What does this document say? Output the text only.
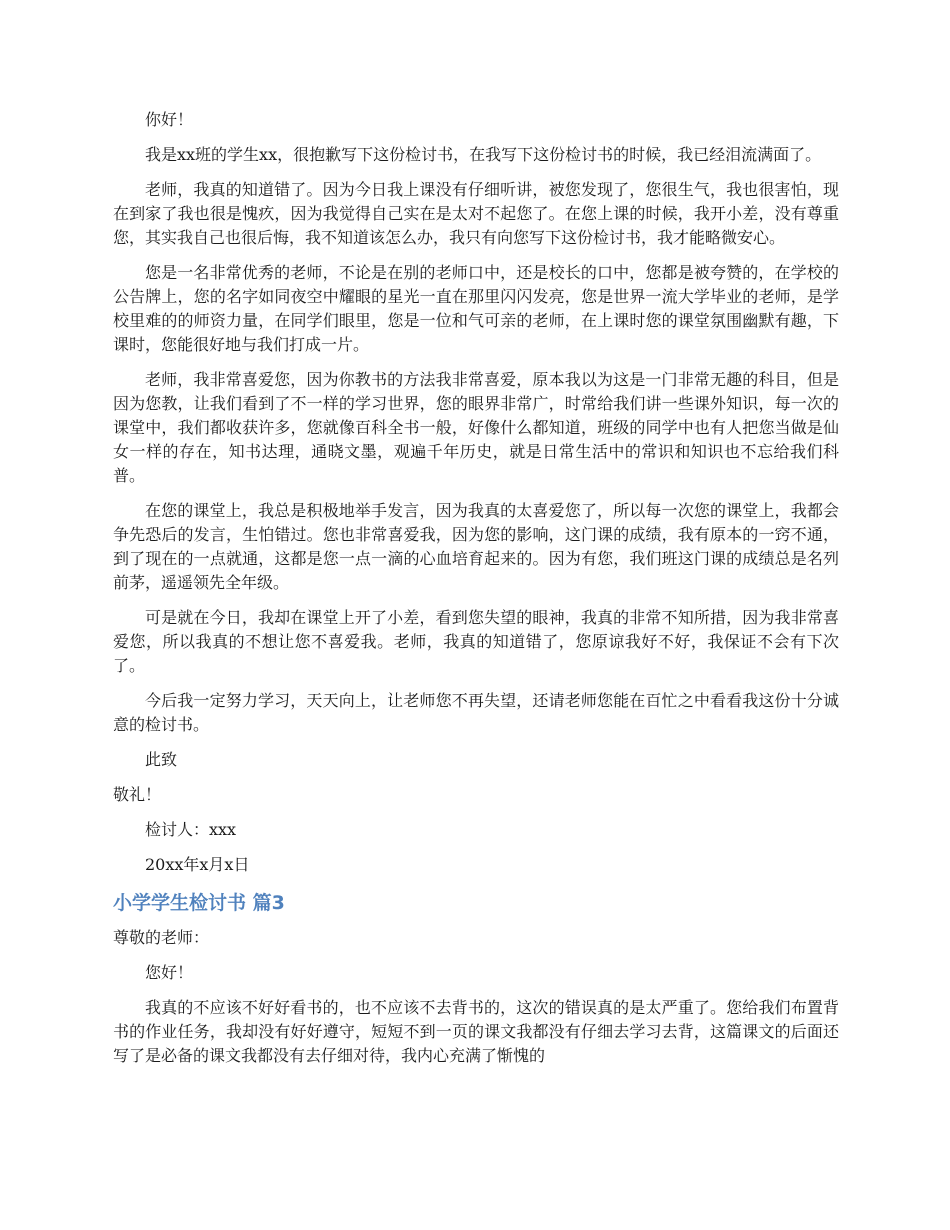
你好！

我是xx班的学生xx，很抱歉写下这份检讨书，在我写下这份检讨书的时候，我已经泪流满面了。

老师，我真的知道错了。因为今日我上课没有仔细听讲，被您发现了，您很生气，我也很害怕，现在到家了我也很是愧疚，因为我觉得自己实在是太对不起您了。在您上课的时候，我开小差，没有尊重您，其实我自己也很后悔，我不知道该怎么办，我只有向您写下这份检讨书，我才能略微安心。

您是一名非常优秀的老师，不论是在别的老师口中，还是校长的口中，您都是被夸赞的，在学校的公告牌上，您的名字如同夜空中耀眼的星光一直在那里闪闪发亮，您是世界一流大学毕业的老师，是学校里难的的师资力量，在同学们眼里，您是一位和气可亲的老师，在上课时您的课堂氛围幽默有趣，下课时，您能很好地与我们打成一片。

老师，我非常喜爱您，因为你教书的方法我非常喜爱，原本我以为这是一门非常无趣的科目，但是因为您教，让我们看到了不一样的学习世界，您的眼界非常广，时常给我们讲一些课外知识，每一次的课堂中，我们都收获许多，您就像百科全书一般，好像什么都知道，班级的同学中也有人把您当做是仙女一样的存在，知书达理，通晓文墨，观遍千年历史，就是日常生活中的常识和知识也不忘给我们科普。

在您的课堂上，我总是积极地举手发言，因为我真的太喜爱您了，所以每一次您的课堂上，我都会争先恐后的发言，生怕错过。您也非常喜爱我，因为您的影响，这门课的成绩，我有原本的一窍不通，到了现在的一点就通，这都是您一点一滴的心血培育起来的。因为有您，我们班这门课的成绩总是名列前茅，遥遥领先全年级。

可是就在今日，我却在课堂上开了小差，看到您失望的眼神，我真的非常不知所措，因为我非常喜爱您，所以我真的不想让您不喜爱我。老师，我真的知道错了，您原谅我好不好，我保证不会有下次了。

今后我一定努力学习，天天向上，让老师您不再失望，还请老师您能在百忙之中看看我这份十分诚意的检讨书。

此致

敬礼！

检讨人：xxx

20xx年x月x日

小学学生检讨书 篇3

尊敬的老师：

您好！

我真的不应该不好好看书的，也不应该不去背书的，这次的错误真的是太严重了。您给我们布置背书的作业任务，我却没有好好遵守，短短不到一页的课文我都没有仔细去学习去背，这篇课文的后面还写了是必备的课文我都没有去仔细对待，我内心充满了惭愧的
